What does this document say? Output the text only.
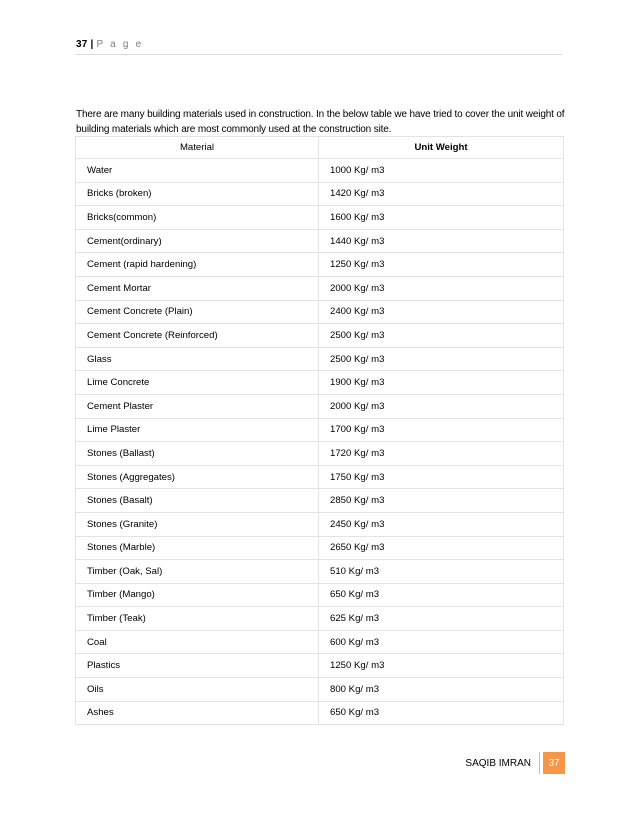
37 | P a g e

There are many building materials used in construction. In the below table we have tried to cover the unit weight of building materials which are most commonly used at the construction site.

Material	Unit Weight
Water	1000 Kg/ m3
Bricks (broken)	1420 Kg/ m3
Bricks(common)	1600 Kg/ m3
Cement(ordinary)	1440 Kg/ m3
Cement (rapid hardening)	1250 Kg/ m3
Cement Mortar	2000 Kg/ m3
Cement Concrete (Plain)	2400 Kg/ m3
Cement Concrete (Reinforced)	2500 Kg/ m3
Glass	2500 Kg/ m3
Lime Concrete	1900 Kg/ m3
Cement Plaster	2000 Kg/ m3
Lime Plaster	1700 Kg/ m3
Stones (Ballast)	1720 Kg/ m3
Stones (Aggregates)	1750 Kg/ m3
Stones (Basalt)	2850 Kg/ m3
Stones (Granite)	2450 Kg/ m3
Stones (Marble)	2650 Kg/ m3
Timber (Oak, Sal)	510 Kg/ m3
Timber (Mango)	650 Kg/ m3
Timber (Teak)	625 Kg/ m3
Coal	600 Kg/ m3
Plastics	1250 Kg/ m3
Oils	800 Kg/ m3
Ashes	650 Kg/ m3
SAQIB IMRAN	37
